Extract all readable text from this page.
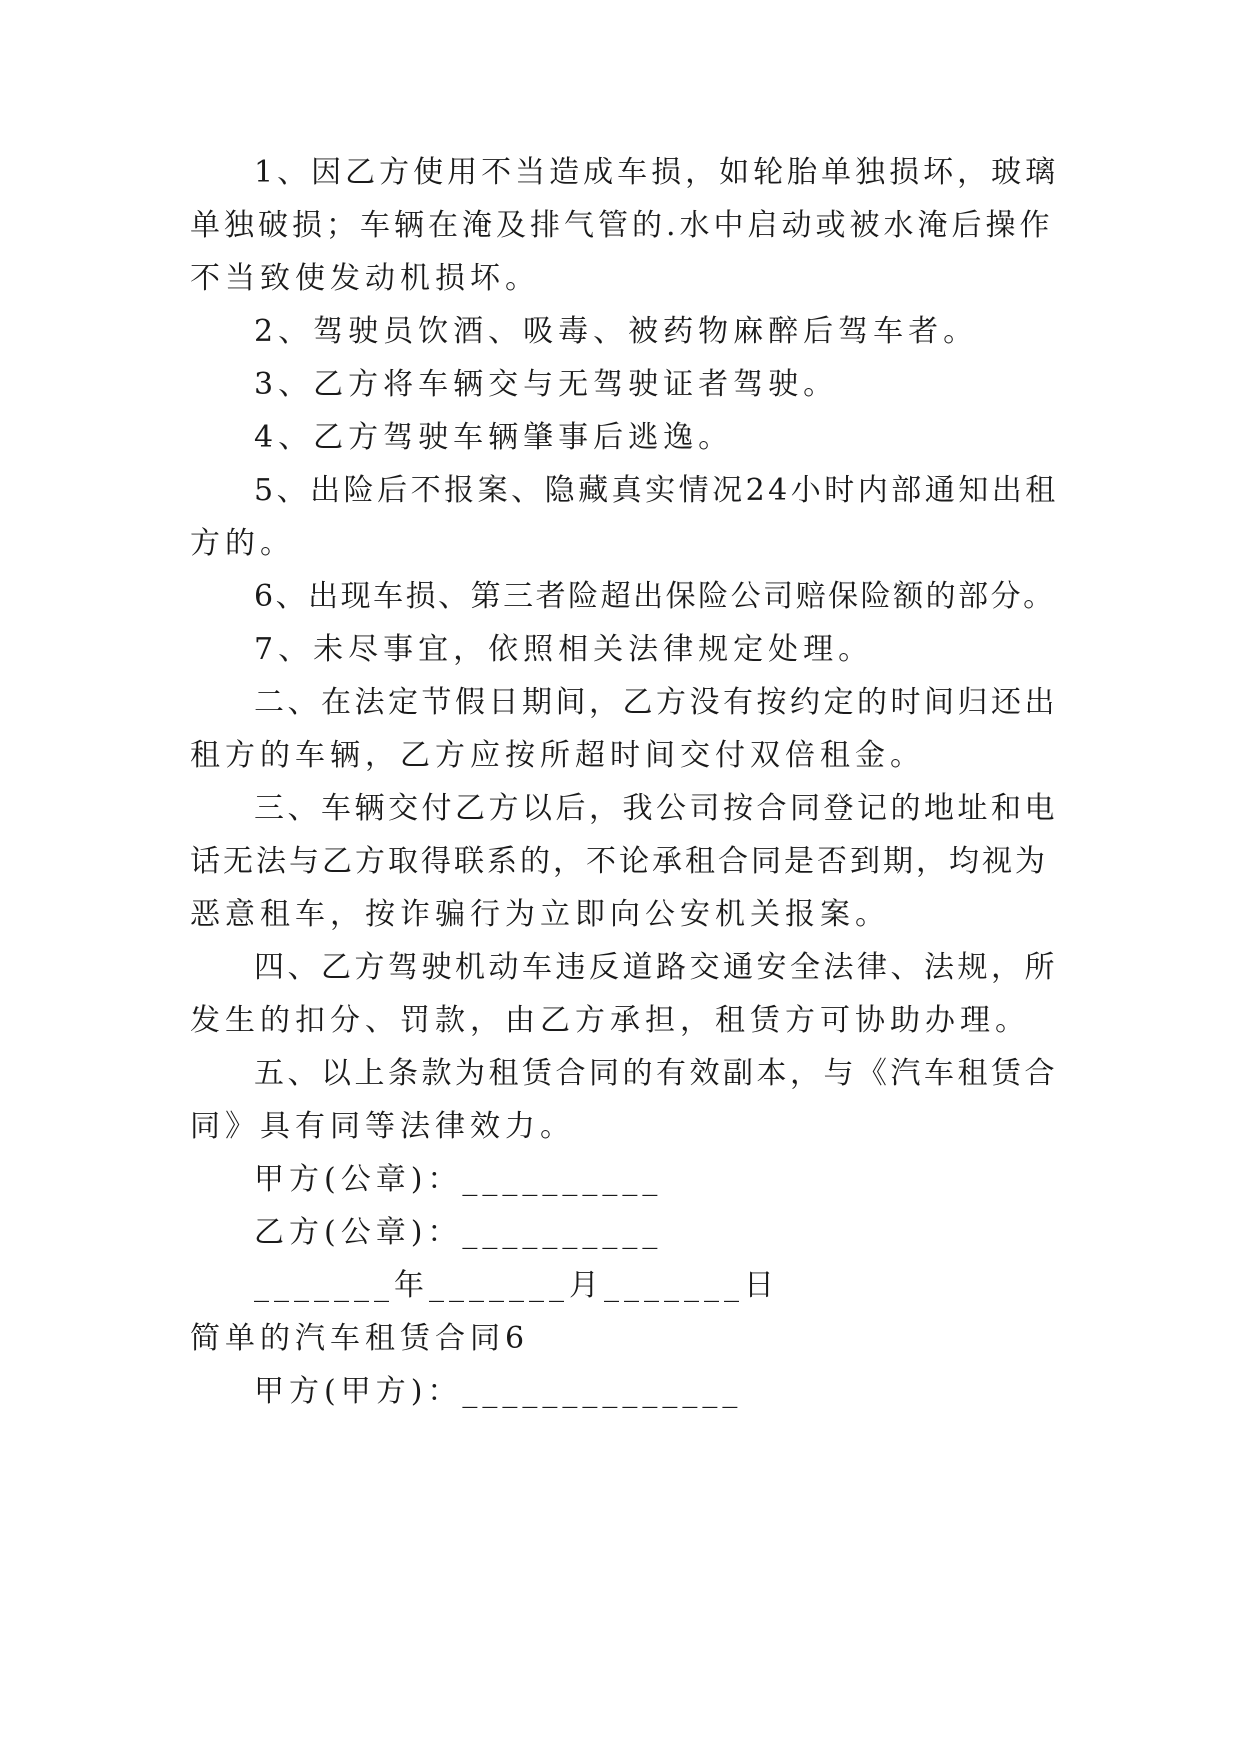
1、因乙方使用不当造成车损，如轮胎单独损坏，玻璃
单独破损；车辆在淹及排气管的.水中启动或被水淹后操作
不当致使发动机损坏。
2、驾驶员饮酒、吸毒、被药物麻醉后驾车者。
3、乙方将车辆交与无驾驶证者驾驶。
4、乙方驾驶车辆肇事后逃逸。
5、出险后不报案、隐藏真实情况24小时内部通知出租
方的。
6、出现车损、第三者险超出保险公司赔保险额的部分。
7、未尽事宜，依照相关法律规定处理。
二、在法定节假日期间，乙方没有按约定的时间归还出
租方的车辆，乙方应按所超时间交付双倍租金。
三、车辆交付乙方以后，我公司按合同登记的地址和电
话无法与乙方取得联系的，不论承租合同是否到期，均视为
恶意租车，按诈骗行为立即向公安机关报案。
四、乙方驾驶机动车违反道路交通安全法律、法规，所
发生的扣分、罚款，由乙方承担，租赁方可协助办理。
五、以上条款为租赁合同的有效副本，与《汽车租赁合
同》具有同等法律效力。
甲方(公章)：__________
乙方(公章)：__________
_______年_______月_______日
简单的汽车租赁合同6
甲方(甲方)：______________
